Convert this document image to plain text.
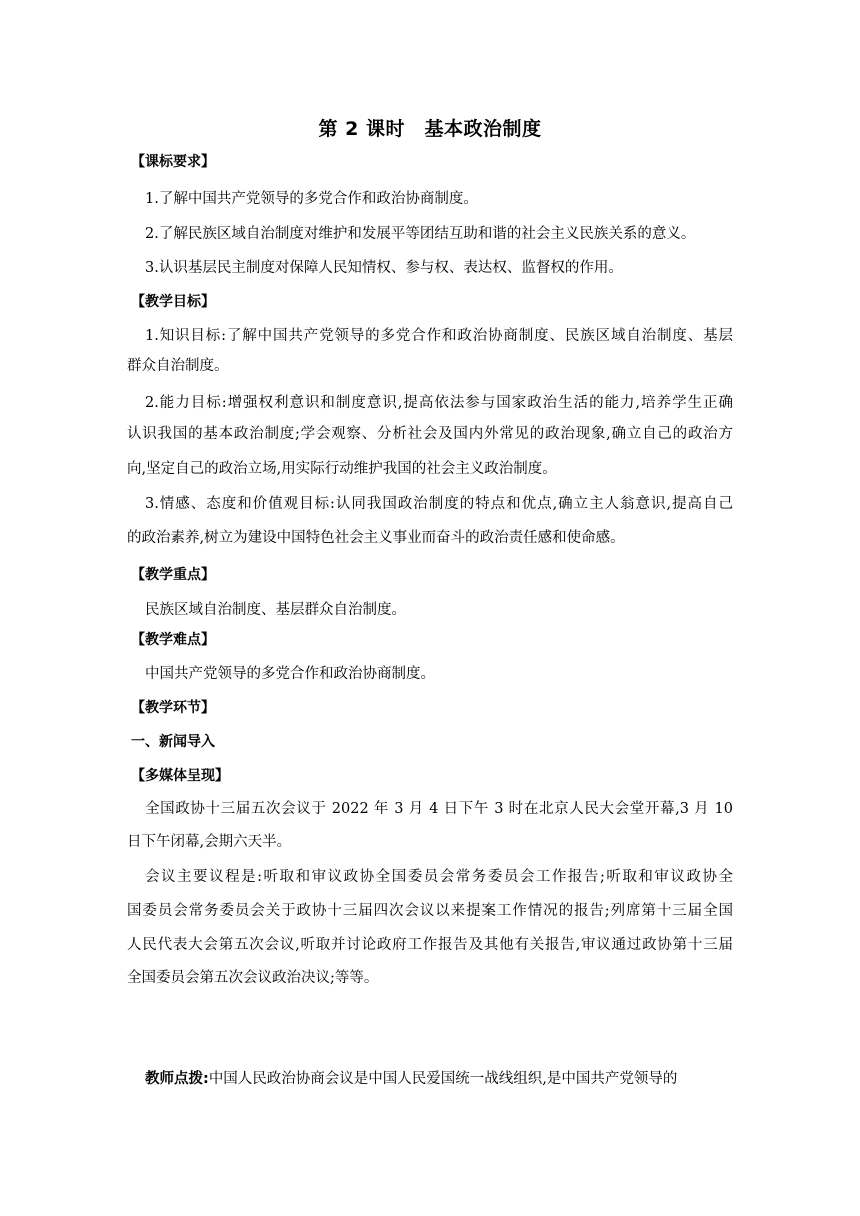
第 2 课时　基本政治制度
【课标要求】
1.了解中国共产党领导的多党合作和政治协商制度。
2.了解民族区域自治制度对维护和发展平等团结互助和谐的社会主义民族关系的意义。
3.认识基层民主制度对保障人民知情权、参与权、表达权、监督权的作用。
【教学目标】
1.知识目标:了解中国共产党领导的多党合作和政治协商制度、民族区域自治制度、基层
群众自治制度。
2.能力目标:增强权利意识和制度意识,提高依法参与国家政治生活的能力,培养学生正确
认识我国的基本政治制度;学会观察、分析社会及国内外常见的政治现象,确立自己的政治方
向,坚定自己的政治立场,用实际行动维护我国的社会主义政治制度。
3.情感、态度和价值观目标:认同我国政治制度的特点和优点,确立主人翁意识,提高自己
的政治素养,树立为建设中国特色社会主义事业而奋斗的政治责任感和使命感。
【教学重点】
民族区域自治制度、基层群众自治制度。
【教学难点】
中国共产党领导的多党合作和政治协商制度。
【教学环节】
一、新闻导入
【多媒体呈现】
全国政协十三届五次会议于 2022 年 3 月 4 日下午 3 时在北京人民大会堂开幕,3 月 10
日下午闭幕,会期六天半。
会议主要议程是:听取和审议政协全国委员会常务委员会工作报告;听取和审议政协全
国委员会常务委员会关于政协十三届四次会议以来提案工作情况的报告;列席第十三届全国
人民代表大会第五次会议,听取并讨论政府工作报告及其他有关报告,审议通过政协第十三届
全国委员会第五次会议政治决议;等等。
教师点拨:中国人民政治协商会议是中国人民爱国统一战线组织,是中国共产党领导的
